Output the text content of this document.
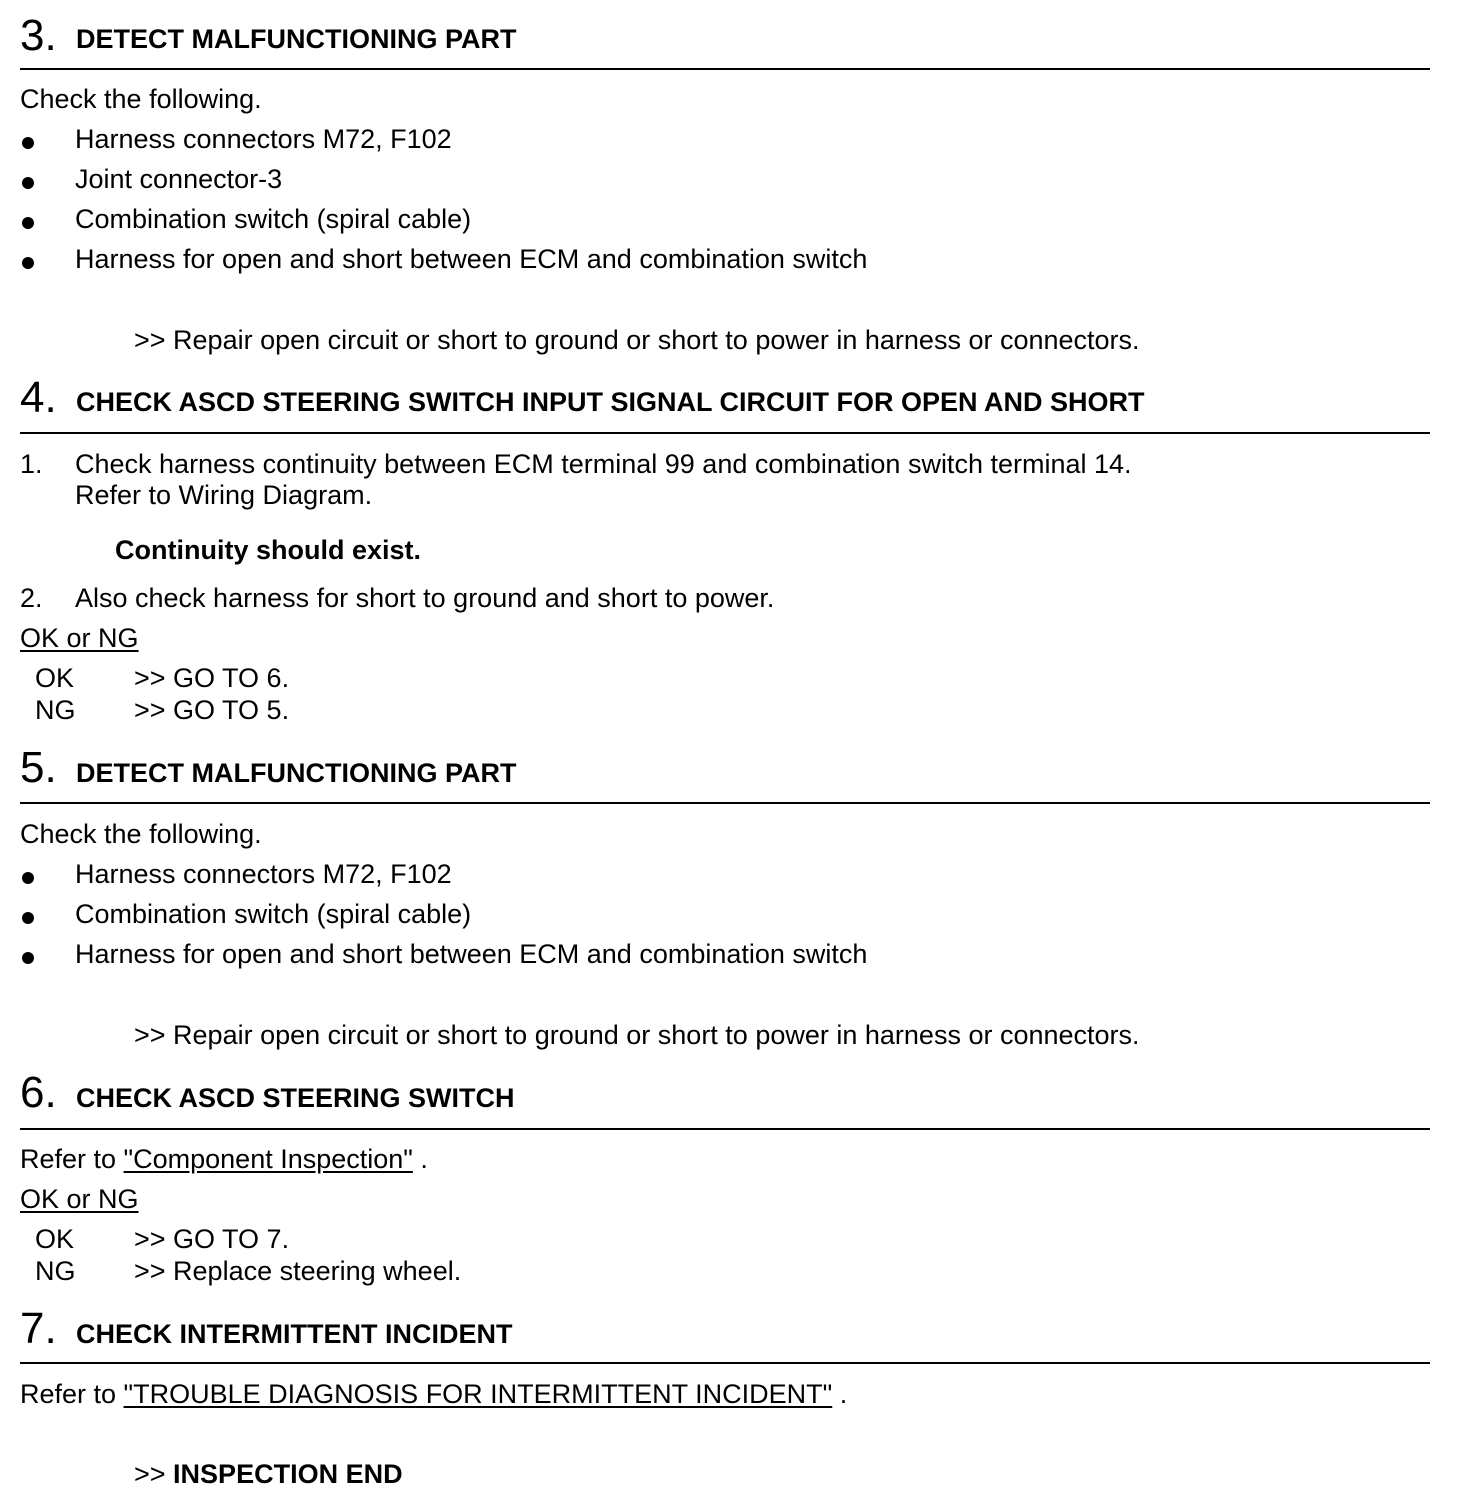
3. DETECT MALFUNCTIONING PART
Check the following.
Harness connectors M72, F102
Joint connector-3
Combination switch (spiral cable)
Harness for open and short between ECM and combination switch
>> Repair open circuit or short to ground or short to power in harness or connectors.
4. CHECK ASCD STEERING SWITCH INPUT SIGNAL CIRCUIT FOR OPEN AND SHORT
1. Check harness continuity between ECM terminal 99 and combination switch terminal 14.
Refer to Wiring Diagram.
Continuity should exist.
2. Also check harness for short to ground and short to power.
OK or NG
OK >> GO TO 6.
NG >> GO TO 5.
5. DETECT MALFUNCTIONING PART
Check the following.
Harness connectors M72, F102
Combination switch (spiral cable)
Harness for open and short between ECM and combination switch
>> Repair open circuit or short to ground or short to power in harness or connectors.
6. CHECK ASCD STEERING SWITCH
Refer to "Component Inspection" .
OK or NG
OK >> GO TO 7.
NG >> Replace steering wheel.
7. CHECK INTERMITTENT INCIDENT
Refer to "TROUBLE DIAGNOSIS FOR INTERMITTENT INCIDENT" .
>> INSPECTION END
